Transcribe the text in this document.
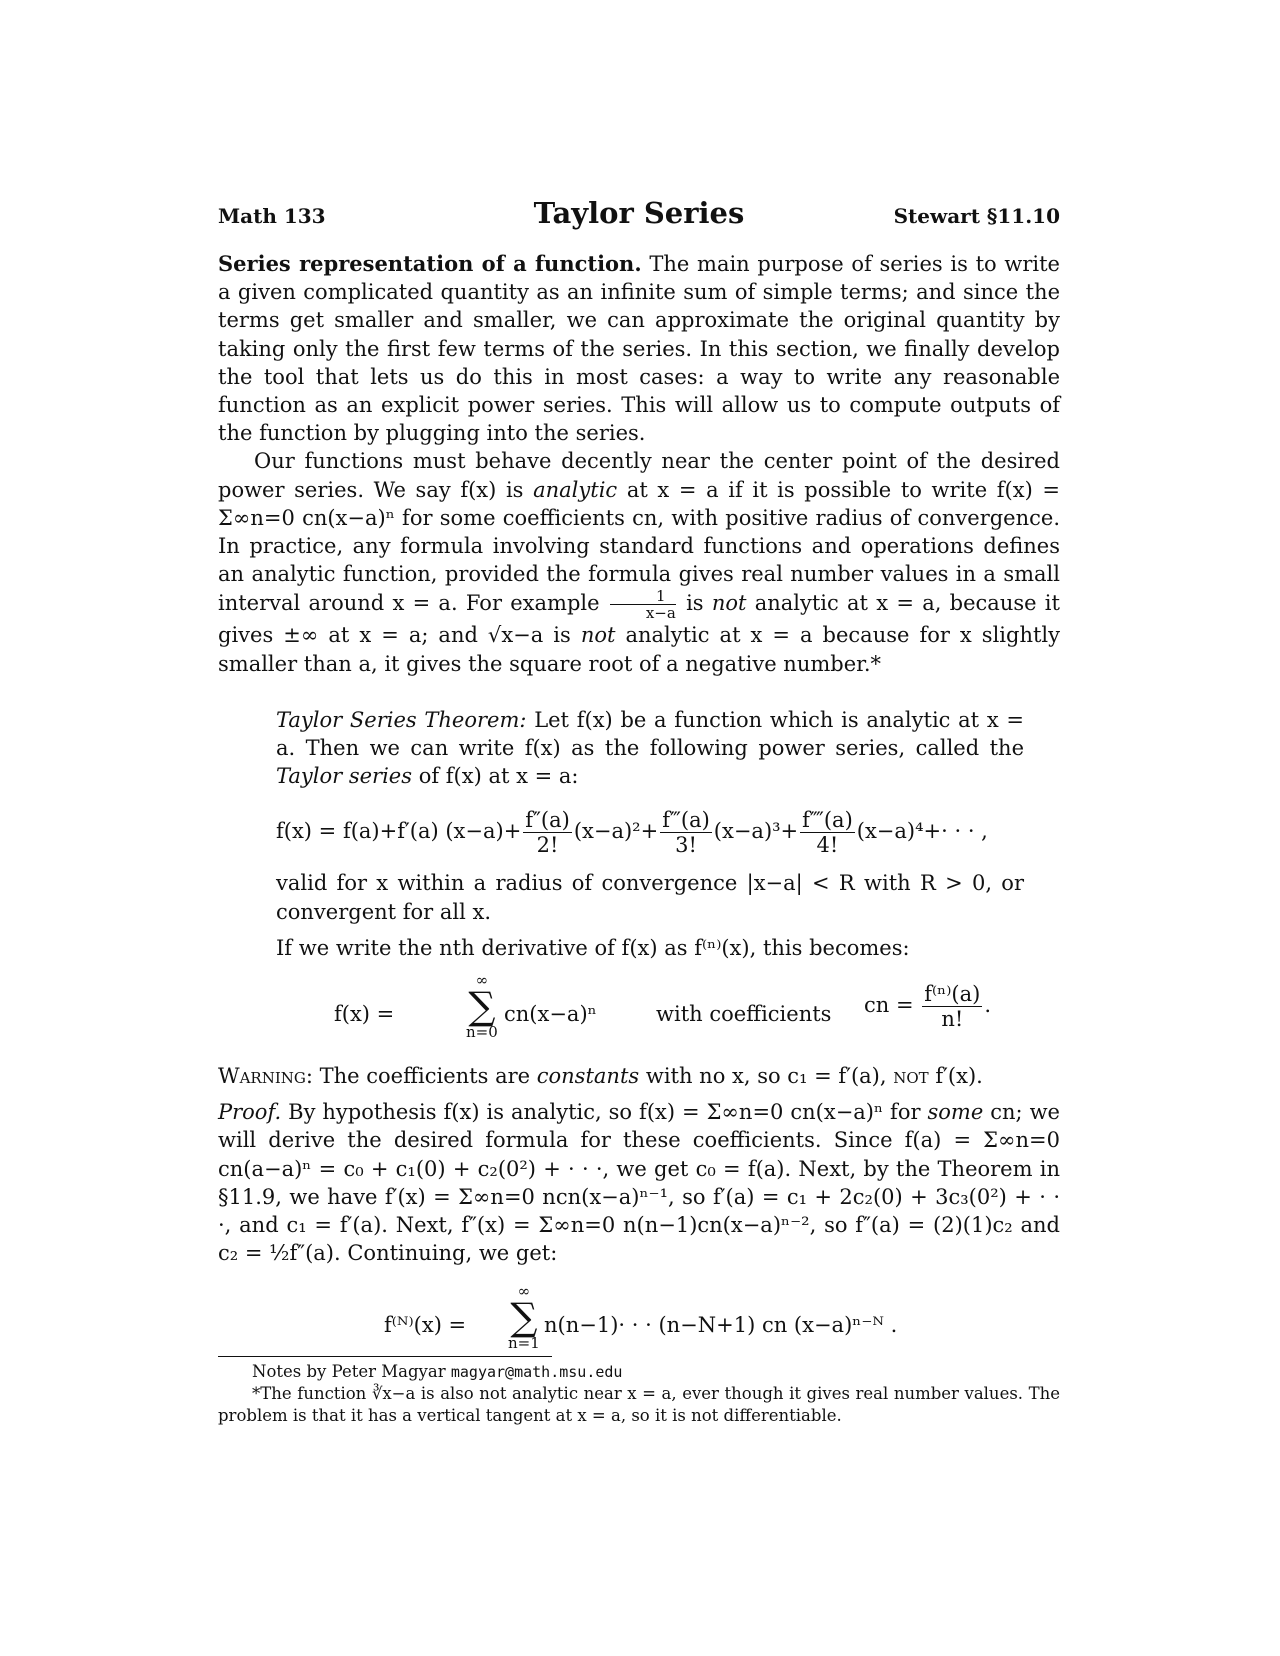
Math 133	Taylor Series	Stewart §11.10

Series representation of a function. The main purpose of series is to write a given complicated quantity as an infinite sum of simple terms; and since the terms get smaller and smaller, we can approximate the original quantity by taking only the first few terms of the series. In this section, we finally develop the tool that lets us do this in most cases: a way to write any reasonable function as an explicit power series. This will allow us to compute outputs of the function by plugging into the series.

Our functions must behave decently near the center point of the desired power series. We say f(x) is analytic at x = a if it is possible to write f(x) = Σ∞n=0 cn(x−a)ⁿ for some coefficients cn, with positive radius of convergence. In practice, any formula involving standard functions and operations defines an analytic function, provided the formula gives real number values in a small interval around x = a. For example $\frac{1}{x-a}$ is not analytic at x = a, because it gives ±∞ at x = a; and √x−a is not analytic at x = a because for x slightly smaller than a, it gives the square root of a negative number.*

Taylor Series Theorem: Let f(x) be a function which is analytic at x = a. Then we can write f(x) as the following power series, called the Taylor series of f(x) at x = a:

f(x) = f(a)+f′(a) $(x-a)+ \frac{f''(a)}{2!} (x-a)^2+ \frac{f‴(a)}{3!} (x-a)^3+ \frac{f⁗(a)}{4!} (x-a)^4+\cdot$ · · ,

valid for x within a radius of convergence |x−a| < R with R > 0, or convergent for all x.

If we write the nth derivative of f(x) as f⁽ⁿ⁾(x), this becomes:

f(x) =
∞
∑
n=0
cn(x−a)ⁿ	with coefficients cn = $\frac{\text{f⁽ⁿ⁾(a)}}{n!}$ .

Warning: The coefficients are constants with no x, so c₁ = f′(a), not f′(x).

Proof. By hypothesis f(x) is analytic, so f(x) = Σ∞n=0 cn(x−a)ⁿ for some cn; we will derive the desired formula for these coefficients. Since f(a) = Σ∞n=0 cn(a−a)ⁿ = c₀ + c₁(0) + c₂(0²) + · · ·, we get c₀ = f(a). Next, by the Theorem in §11.9, we have f′(x) = Σ∞n=0 ncn(x−a)ⁿ⁻¹, so f′(a) = c₁ + 2c₂(0) + 3c₃(0²) + · · ·, and c₁ = f′(a). Next, f″(x) = Σ∞n=0 n(n−1)cn(x−a)ⁿ⁻², so f″(a) = (2)(1)c₂ and c₂ = ½f″(a). Continuing, we get:

f⁽ᴺ⁾(x) =
∞
∑
n=1
n(n−1)· · · (n−N+1) cn (x−a)ⁿ⁻ᴺ .
Notes by Peter Magyar magyar@math.msu.edu
*The function ∛x−a is also not analytic near x = a, ever though it gives real number values. The problem is that it has a vertical tangent at x = a, so it is not differentiable.
